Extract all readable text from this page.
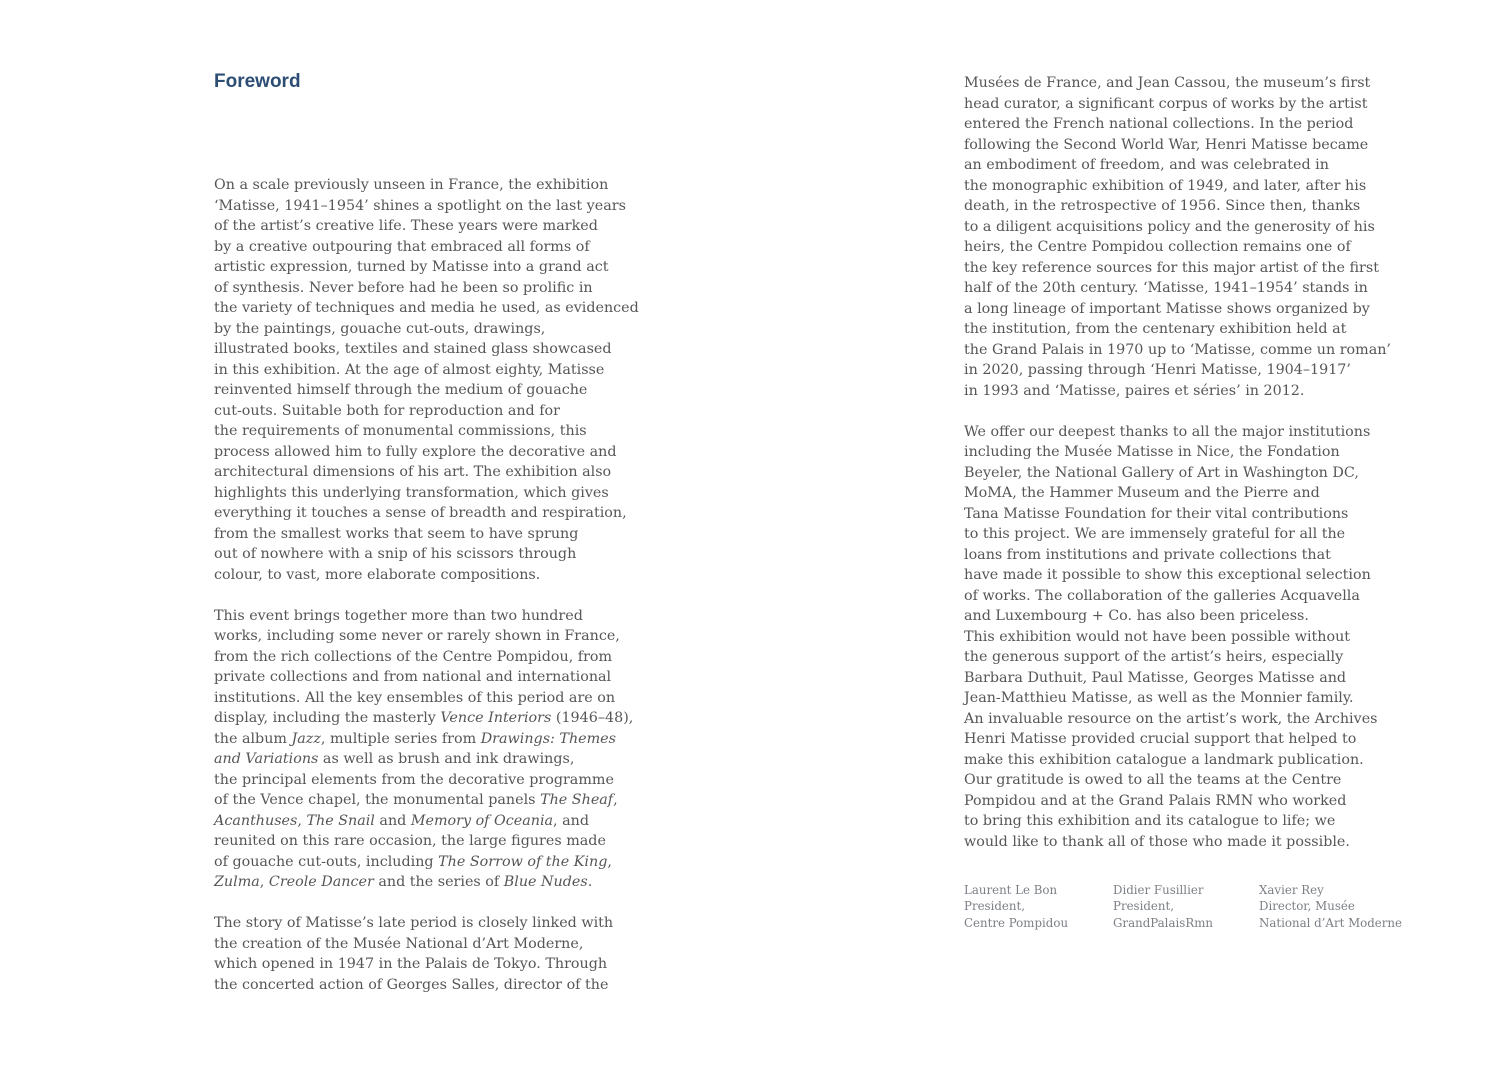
Foreword

On a scale previously unseen in France, the exhibition
‘Matisse, 1941–1954’ shines a spotlight on the last years
of the artist’s creative life. These years were marked
by a creative outpouring that embraced all forms of
artistic expression, turned by Matisse into a grand act
of synthesis. Never before had he been so prolific in
the variety of techniques and media he used, as evidenced
by the paintings, gouache cut-outs, drawings,
illustrated books, textiles and stained glass showcased
in this exhibition. At the age of almost eighty, Matisse
reinvented himself through the medium of gouache
cut-outs. Suitable both for reproduction and for
the requirements of monumental commissions, this
process allowed him to fully explore the decorative and
architectural dimensions of his art. The exhibition also
highlights this underlying transformation, which gives
everything it touches a sense of breadth and respiration,
from the smallest works that seem to have sprung
out of nowhere with a snip of his scissors through
colour, to vast, more elaborate compositions.

This event brings together more than two hundred
works, including some never or rarely shown in France,
from the rich collections of the Centre Pompidou, from
private collections and from national and international
institutions. All the key ensembles of this period are on
display, including the masterly Vence Interiors (1946–48),
the album Jazz, multiple series from Drawings: Themes
and Variations as well as brush and ink drawings,
the principal elements from the decorative programme
of the Vence chapel, the monumental panels The Sheaf,
Acanthuses, The Snail and Memory of Oceania, and
reunited on this rare occasion, the large figures made
of gouache cut-outs, including The Sorrow of the King,
Zulma, Creole Dancer and the series of Blue Nudes.

The story of Matisse’s late period is closely linked with
the creation of the Musée National d’Art Moderne,
which opened in 1947 in the Palais de Tokyo. Through
the concerted action of Georges Salles, director of the

Musées de France, and Jean Cassou, the museum’s first
head curator, a significant corpus of works by the artist
entered the French national collections. In the period
following the Second World War, Henri Matisse became
an embodiment of freedom, and was celebrated in
the monographic exhibition of 1949, and later, after his
death, in the retrospective of 1956. Since then, thanks
to a diligent acquisitions policy and the generosity of his
heirs, the Centre Pompidou collection remains one of
the key reference sources for this major artist of the first
half of the 20th century. ‘Matisse, 1941–1954’ stands in
a long lineage of important Matisse shows organized by
the institution, from the centenary exhibition held at
the Grand Palais in 1970 up to ‘Matisse, comme un roman’
in 2020, passing through ‘Henri Matisse, 1904–1917’
in 1993 and ‘Matisse, paires et séries’ in 2012.

We offer our deepest thanks to all the major institutions
including the Musée Matisse in Nice, the Fondation
Beyeler, the National Gallery of Art in Washington DC,
MoMA, the Hammer Museum and the Pierre and
Tana Matisse Foundation for their vital contributions
to this project. We are immensely grateful for all the
loans from institutions and private collections that
have made it possible to show this exceptional selection
of works. The collaboration of the galleries Acquavella
and Luxembourg + Co. has also been priceless.
This exhibition would not have been possible without
the generous support of the artist’s heirs, especially
Barbara Duthuit, Paul Matisse, Georges Matisse and
Jean-Matthieu Matisse, as well as the Monnier family.
An invaluable resource on the artist’s work, the Archives
Henri Matisse provided crucial support that helped to
make this exhibition catalogue a landmark publication.
Our gratitude is owed to all the teams at the Centre
Pompidou and at the Grand Palais RMN who worked
to bring this exhibition and its catalogue to life; we
would like to thank all of those who made it possible.

Laurent Le Bon
President,
Centre Pompidou
Didier Fusillier
President,
GrandPalaisRmn
Xavier Rey
Director, Musée
National d’Art Moderne
